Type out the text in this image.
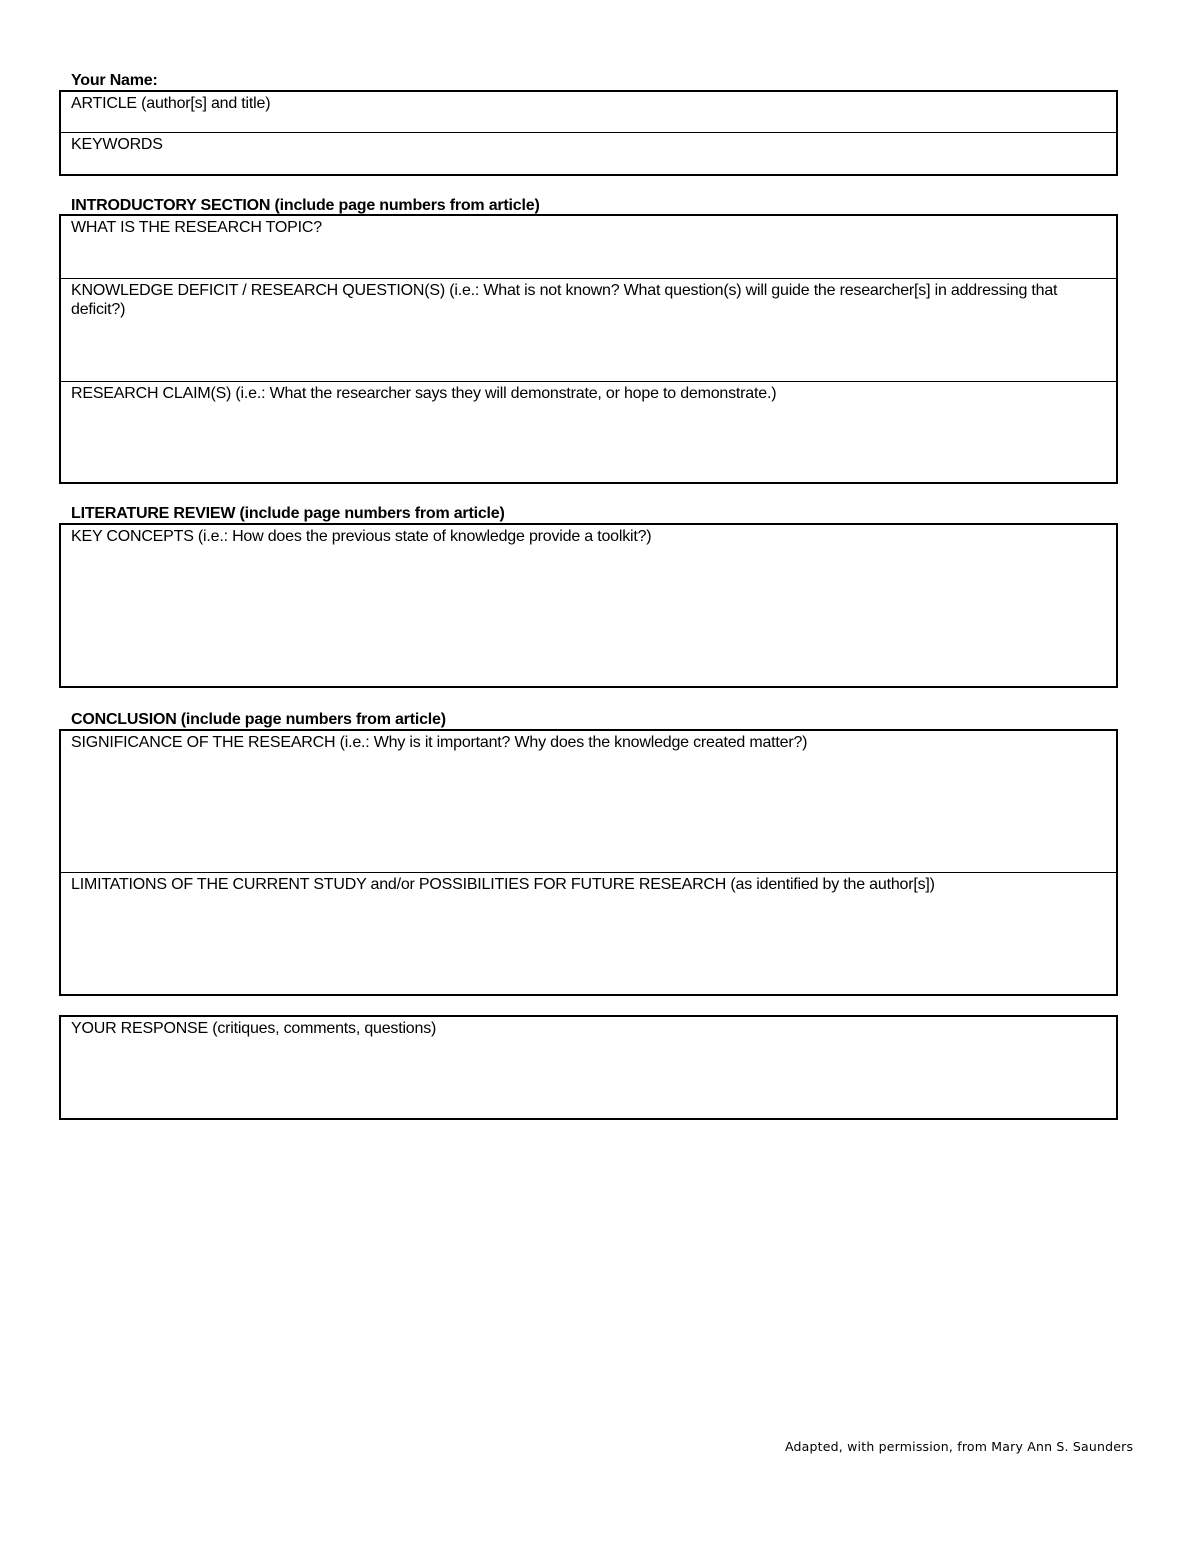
Your Name:
ARTICLE (author[s] and title)
KEYWORDS
INTRODUCTORY SECTION (include page numbers from article)
WHAT IS THE RESEARCH TOPIC?
KNOWLEDGE DEFICIT / RESEARCH QUESTION(S) (i.e.: What is not known? What question(s) will guide the researcher[s] in addressing that deficit?)
RESEARCH CLAIM(S) (i.e.: What the researcher says they will demonstrate, or hope to demonstrate.)
LITERATURE REVIEW (include page numbers from article)
KEY CONCEPTS (i.e.: How does the previous state of knowledge provide a toolkit?)
CONCLUSION (include page numbers from article)
SIGNIFICANCE OF THE RESEARCH (i.e.: Why is it important? Why does the knowledge created matter?)
LIMITATIONS OF THE CURRENT STUDY and/or POSSIBILITIES FOR FUTURE RESEARCH (as identified by the author[s])
YOUR RESPONSE (critiques, comments, questions)
Adapted, with permission, from Mary Ann S. Saunders
